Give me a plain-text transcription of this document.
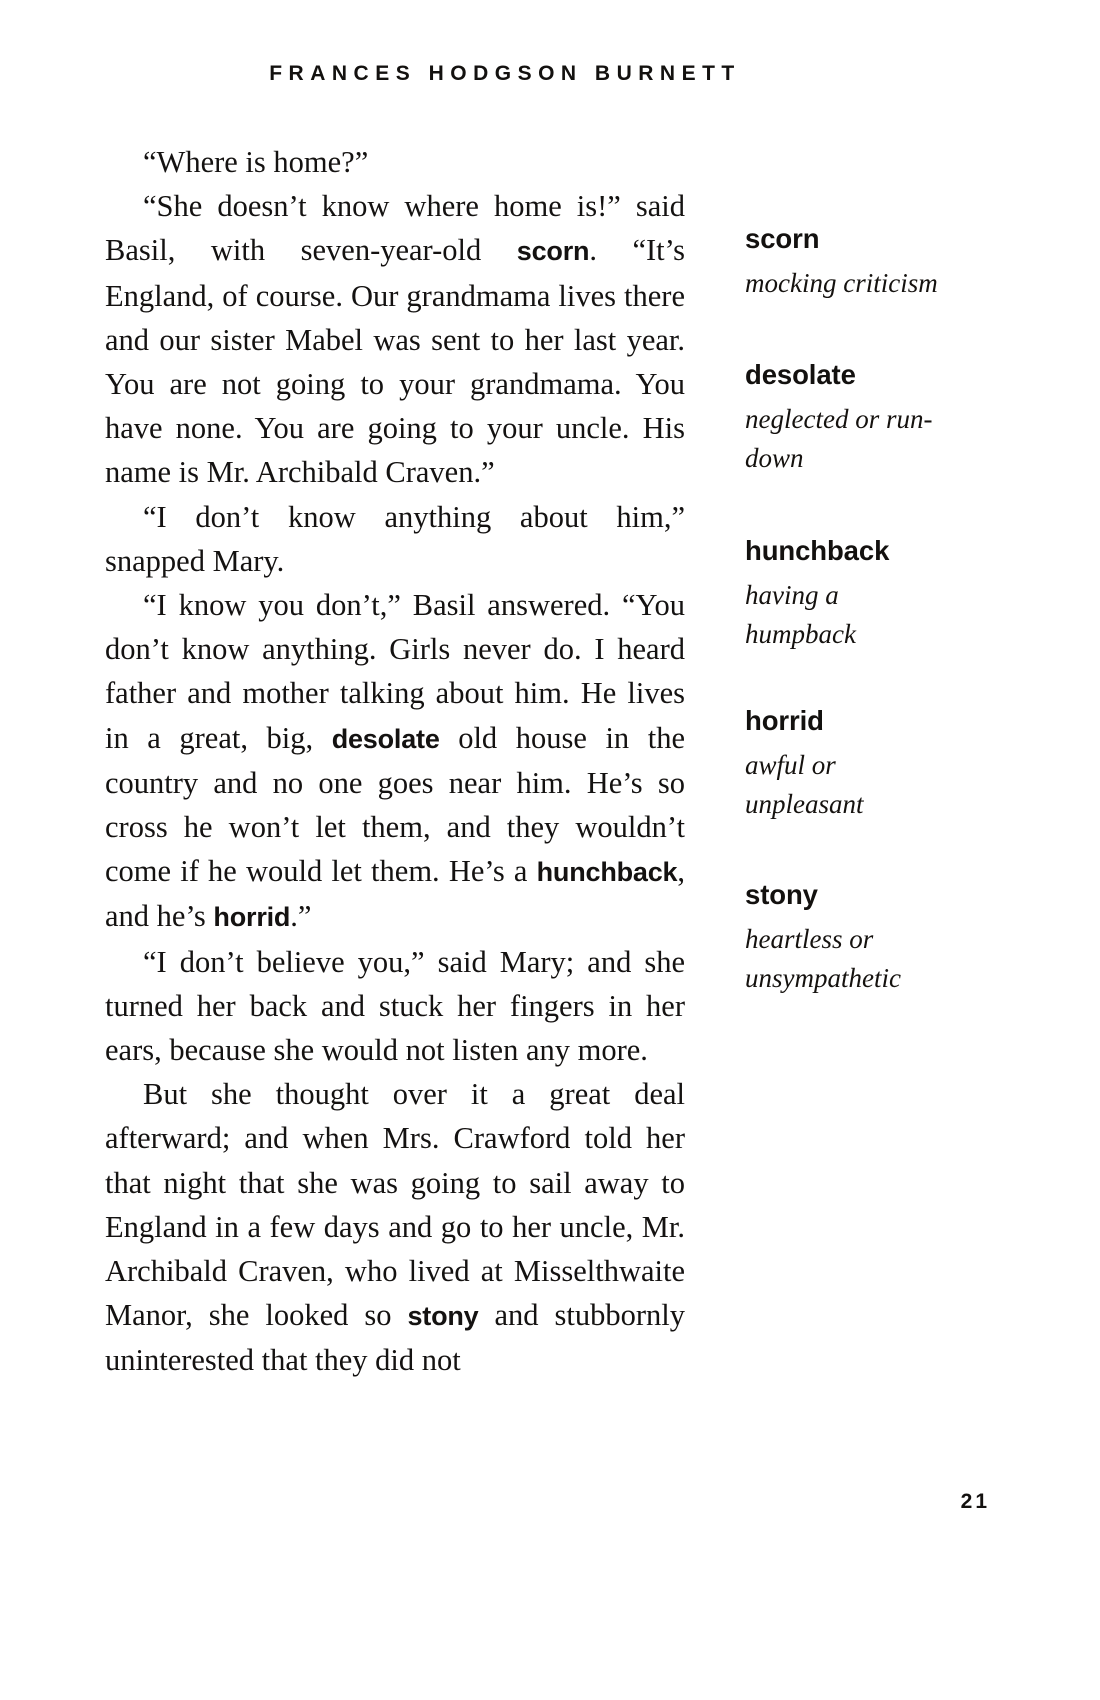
FRANCES HODGSON BURNETT

“Where is home?”

“She doesn’t know where home is!” said Basil, with seven-year-old scorn. “It’s England, of course. Our grandmama lives there and our sister Mabel was sent to her last year. You are not going to your grandmama. You have none. You are going to your uncle. His name is Mr. Archibald Craven.”

“I don’t know anything about him,” snapped Mary.

“I know you don’t,” Basil answered. “You don’t know anything. Girls never do. I heard father and mother talking about him. He lives in a great, big, desolate old house in the country and no one goes near him. He’s so cross he won’t let them, and they wouldn’t come if he would let them. He’s a hunchback, and he’s horrid.”

“I don’t believe you,” said Mary; and she turned her back and stuck her fingers in her ears, because she would not listen any more.

But she thought over it a great deal afterward; and when Mrs. Crawford told her that night that she was going to sail away to England in a few days and go to her uncle, Mr. Archibald Craven, who lived at Misselthwaite Manor, she looked so stony and stubbornly uninterested that they did not

scorn
mocking criticism
desolate
neglected or run-down
hunchback
having a humpback
horrid
awful or unpleasant
stony
heartless or unsympathetic
21
